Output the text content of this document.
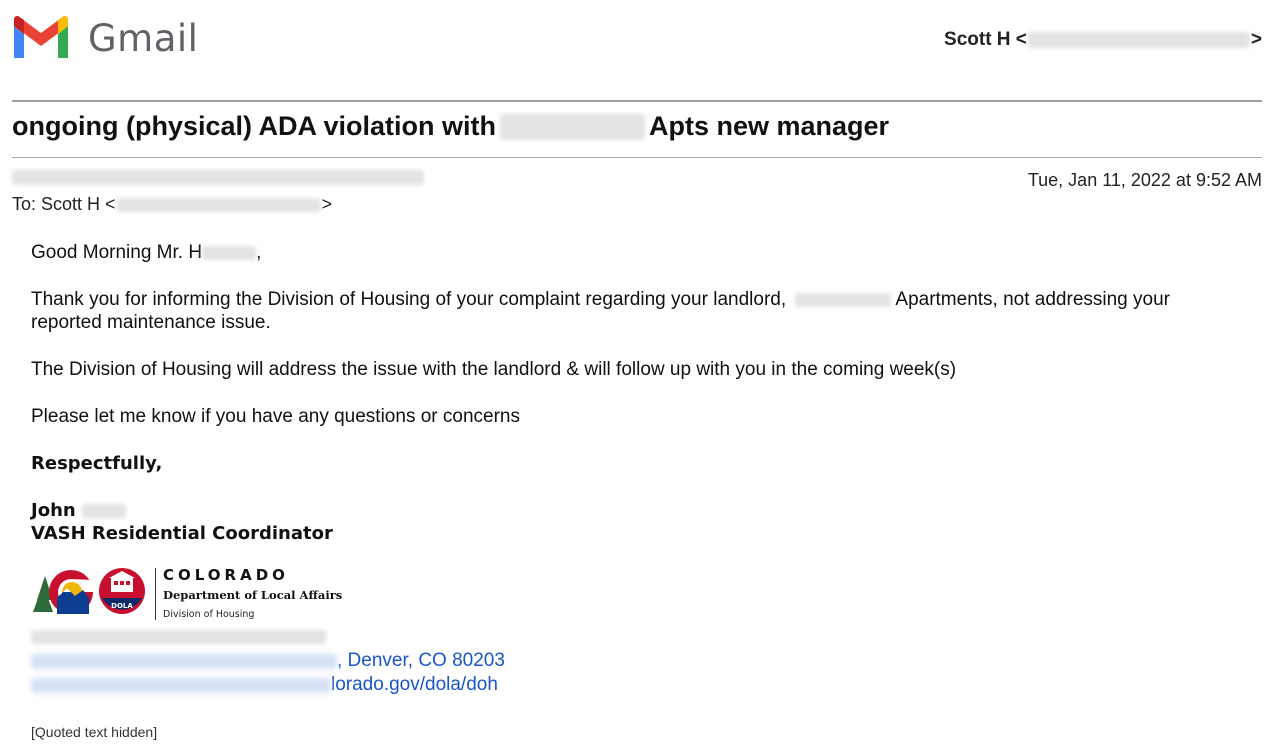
Gmail	Scott H <	>
ongoing (physical) ADA violation with	Apts new manager
Tue, Jan 11, 2022 at 9:52 AM
To: Scott H <	>
Good Morning Mr. H	,
Thank you for informing the Division of Housing of your complaint regarding your landlord,	Apartments, not addressing your reported maintenance issue.
The Division of Housing will address the issue with the landlord & will follow up with you in the coming week(s)
Please let me know if you have any questions or concerns
Respectfully,
John
VASH Residential Coordinator
DOLA
COLORADO
Department of Local Affairs
Division of Housing
, Denver, CO 80203
lorado.gov/dola/doh
[Quoted text hidden]
